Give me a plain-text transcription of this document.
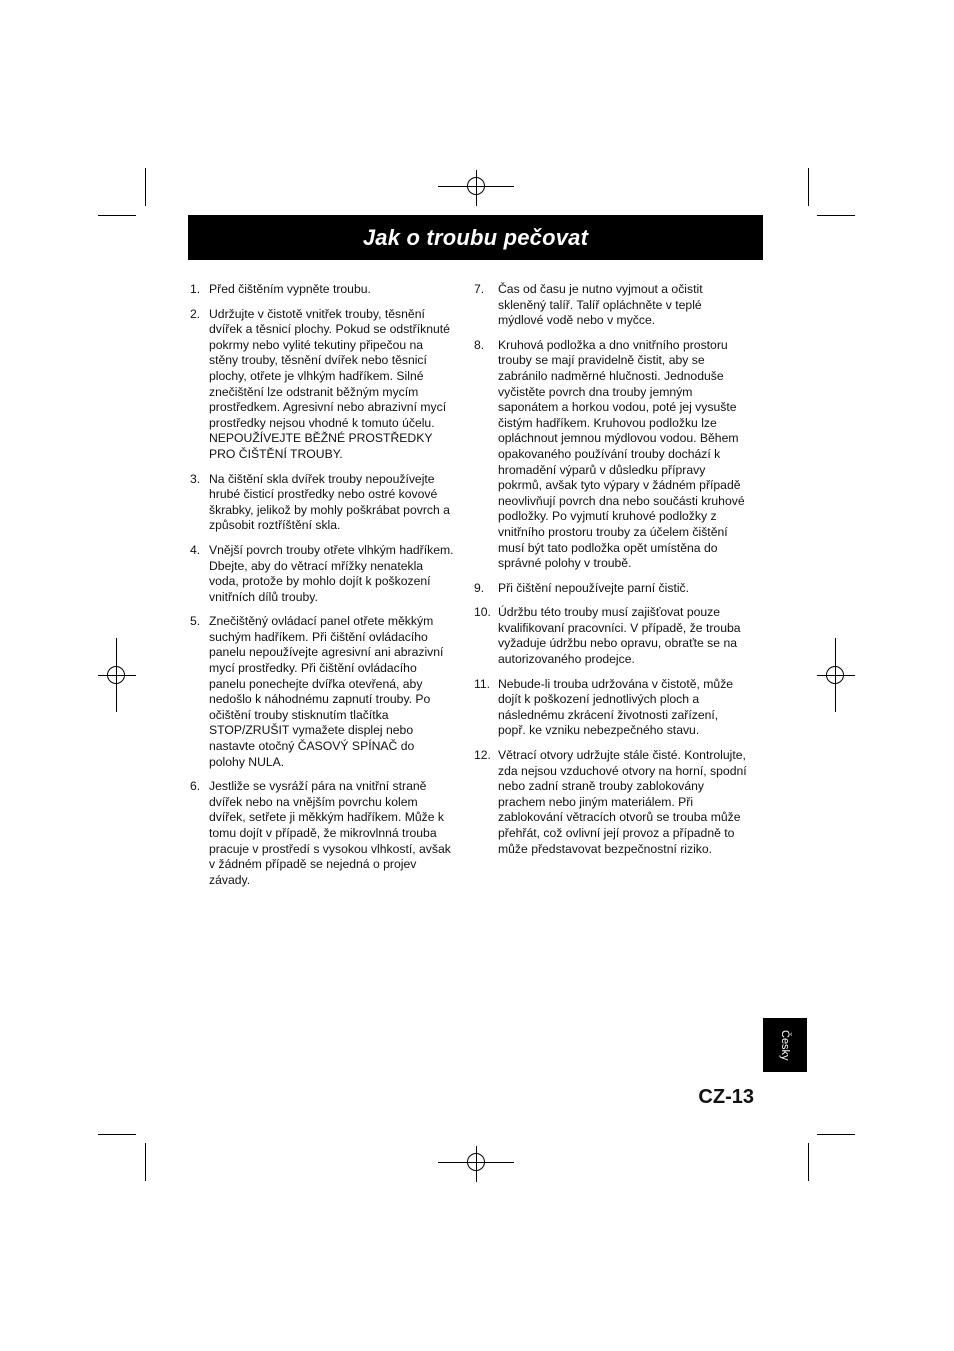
Jak o troubu pečovat
1. Před čištěním vypněte troubu.
2. Udržujte v čistotě vnitřek trouby, těsnění
dvířek a těsnicí plochy. Pokud se odstříknuté
pokrmy nebo vylité tekutiny připečou na
stěny trouby, těsnění dvířek nebo těsnicí
plochy, otřete je vlhkým hadříkem. Silné
znečištění lze odstranit běžným mycím
prostředkem. Agresivní nebo abrazivní mycí
prostředky nejsou vhodné k tomuto účelu.
NEPOUŽÍVEJTE BĚŽNÉ PROSTŘEDKY
PRO ČIŠTĚNÍ TROUBY.
3. Na čištění skla dvířek trouby nepoužívejte
hrubé čisticí prostředky nebo ostré kovové
škrabky, jelikož by mohly poškrábat povrch a
způsobit roztříštění skla.
4. Vnější povrch trouby otřete vlhkým hadříkem.
Dbejte, aby do větrací mřížky nenatekla
voda, protože by mohlo dojít k poškození
vnitřních dílů trouby.
5. Znečištěný ovládací panel otřete měkkým
suchým hadříkem. Při čištění ovládacího
panelu nepoužívejte agresivní ani abrazivní
mycí prostředky. Při čištění ovládacího
panelu ponechejte dvířka otevřená, aby
nedošlo k náhodnému zapnutí trouby. Po
očištění trouby stisknutím tlačítka
STOP/ZRUŠIT vymažete displej nebo
nastavte otočný ČASOVÝ SPÍNAČ do
polohy NULA.
6. Jestliže se vysráží pára na vnitřní straně
dvířek nebo na vnějším povrchu kolem
dvířek, setřete ji měkkým hadříkem. Může k
tomu dojít v případě, že mikrovlnná trouba
pracuje v prostředí s vysokou vlhkostí, avšak
v žádném případě se nejedná o projev
závady.
7.	Čas od času je nutno vyjmout a očistit
skleněný talíř. Talíř opláchněte v teplé
mýdlové vodě nebo v myčce.
8.	Kruhová podložka a dno vnitřního prostoru
trouby se mají pravidelně čistit, aby se
zabránilo nadměrné hlučnosti. Jednoduše
vyčistěte povrch dna trouby jemným
saponátem a horkou vodou, poté jej vysušte
čistým hadříkem. Kruhovou podložku lze
opláchnout jemnou mýdlovou vodou. Během
opakovaného používání trouby dochází k
hromadění výparů v důsledku přípravy
pokrmů, avšak tyto výpary v žádném případě
neovlivňují povrch dna nebo součásti kruhové
podložky. Po vyjmutí kruhové podložky z
vnitřního prostoru trouby za účelem čištění
musí být tato podložka opět umístěna do
správné polohy v troubě.
9.	Při čištění nepoužívejte parní čistič.
10. Údržbu této trouby musí zajišťovat pouze
kvalifikovaní pracovníci. V případě, že trouba
vyžaduje údržbu nebo opravu, obraťte se na
autorizovaného prodejce.
11. Nebude-li trouba udržována v čistotě, může
dojít k poškození jednotlivých ploch a
následnému zkrácení životnosti zařízení,
popř. ke vzniku nebezpečného stavu.
12. Větrací otvory udržujte stále čisté. Kontrolujte,
zda nejsou vzduchové otvory na horní, spodní
nebo zadní straně trouby zablokovány
prachem nebo jiným materiálem. Při
zablokování větracích otvorů se trouba může
přehřát, což ovlivní její provoz a případně to
může představovat bezpečnostní riziko.
Česky
CZ-13
